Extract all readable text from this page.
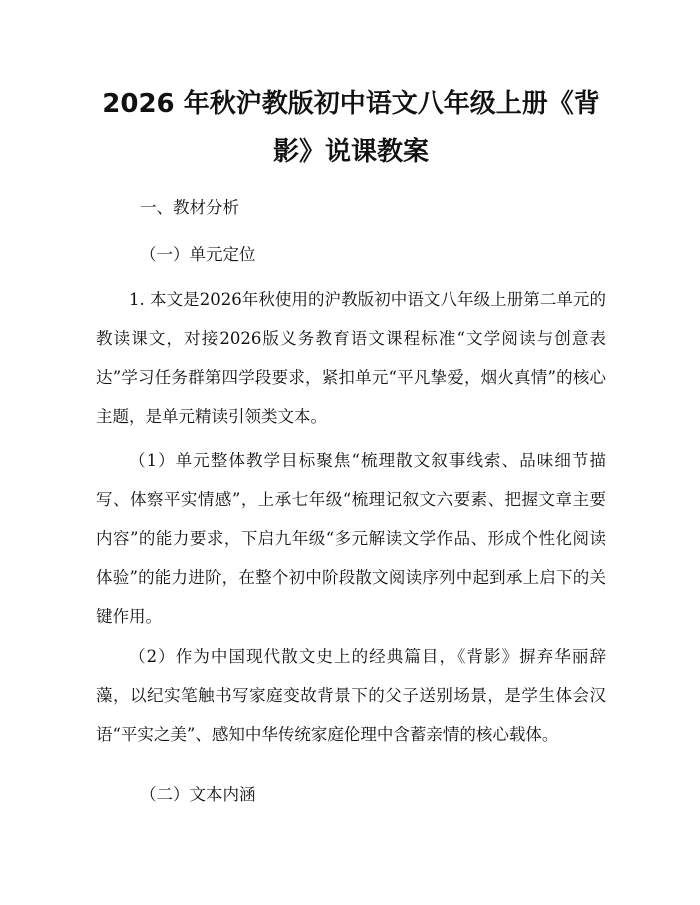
2026 年秋沪教版初中语文八年级上册《背
影》说课教案

一、教材分析

（一）单元定位

1. 本文是2026年秋使用的沪教版初中语文八年级上册第二单元的教读课文，对接2026版义务教育语文课程标准“文学阅读与创意表达”学习任务群第四学段要求，紧扣单元“平凡挚爱，烟火真情”的核心主题，是单元精读引领类文本。

（1）单元整体教学目标聚焦“梳理散文叙事线索、品味细节描写、体察平实情感”，上承七年级“梳理记叙文六要素、把握文章主要内容”的能力要求，下启九年级“多元解读文学作品、形成个性化阅读体验”的能力进阶，在整个初中阶段散文阅读序列中起到承上启下的关键作用。

（2）作为中国现代散文史上的经典篇目，《背影》摒弃华丽辞藻，以纪实笔触书写家庭变故背景下的父子送别场景，是学生体会汉语“平实之美”、感知中华传统家庭伦理中含蓄亲情的核心载体。

（二）文本内涵
